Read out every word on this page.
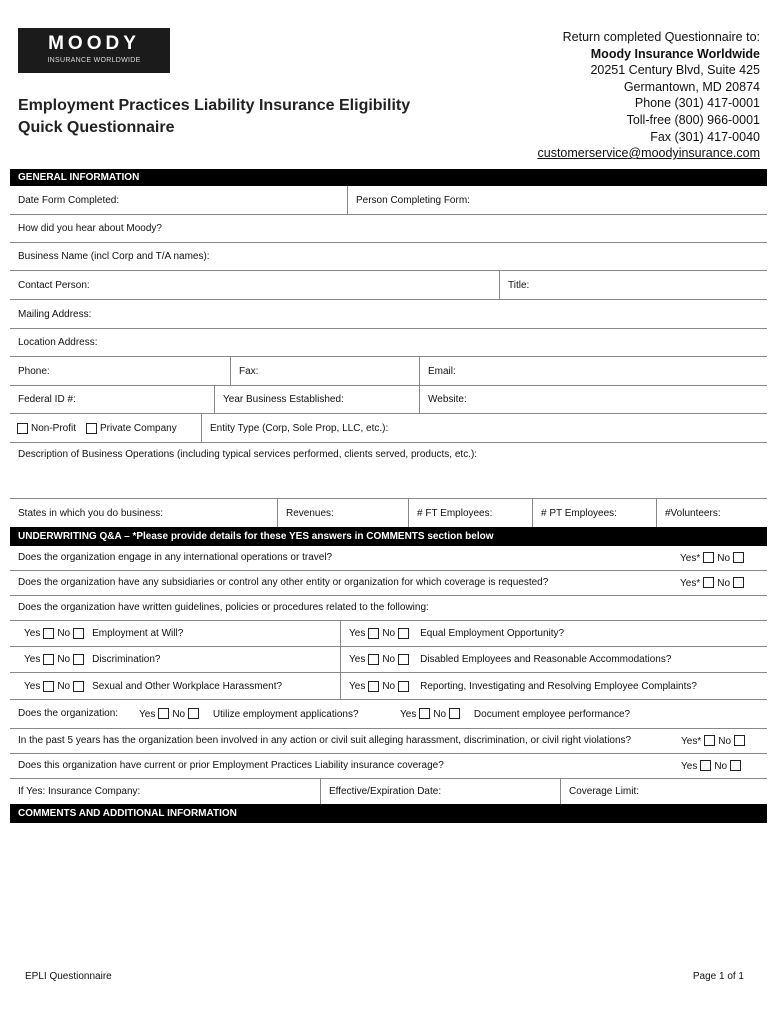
MOODY
INSURANCE WORLDWIDE
Employment Practices Liability Insurance Eligibility
Quick Questionnaire
Return completed Questionnaire to:
Moody Insurance Worldwide
20251 Century Blvd, Suite 425
Germantown, MD 20874
Phone (301) 417-0001
Toll-free (800) 966-0001
Fax (301) 417-0040
customerservice@moodyinsurance.com
GENERAL INFORMATION
Date Form Completed:	Person Completing Form:
How did you hear about Moody?
Business Name (incl Corp and T/A names):
Contact Person:	Title:
Mailing Address:
Location Address:
Phone:	Fax:	Email:
Federal ID #:	Year Business Established:	Website:
Non-Profit Private Company	Entity Type (Corp, Sole Prop, LLC, etc.):
Description of Business Operations (including typical services performed, clients served, products, etc.):
States in which you do business:	Revenues:	# FT Employees:	# PT Employees:	#Volunteers:
UNDERWRITING Q&A – *Please provide details for these YES answers in COMMENTS section below
Does the organization engage in any international operations or travel?	Yes* No
Does the organization have any subsidiaries or control any other entity or organization for which coverage is requested?	Yes* No
Does the organization have written guidelines, policies or procedures related to the following:
Yes No Employment at Will?	Yes No	Equal Employment Opportunity?
Yes No Discrimination?	Yes No	Disabled Employees and Reasonable Accommodations?
Yes No Sexual and Other Workplace Harassment?	Yes No	Reporting, Investigating and Resolving Employee Complaints?
Does the organization: Yes No	Utilize employment applications?	Yes No	Document employee performance?
In the past 5 years has the organization been involved in any action or civil suit alleging harassment, discrimination, or civil right violations?	Yes* No
Does this organization have current or prior Employment Practices Liability insurance coverage?	Yes No
If Yes: Insurance Company:	Effective/Expiration Date:	Coverage Limit:
COMMENTS AND ADDITIONAL INFORMATION
EPLI Questionnaire	Page 1 of 1
